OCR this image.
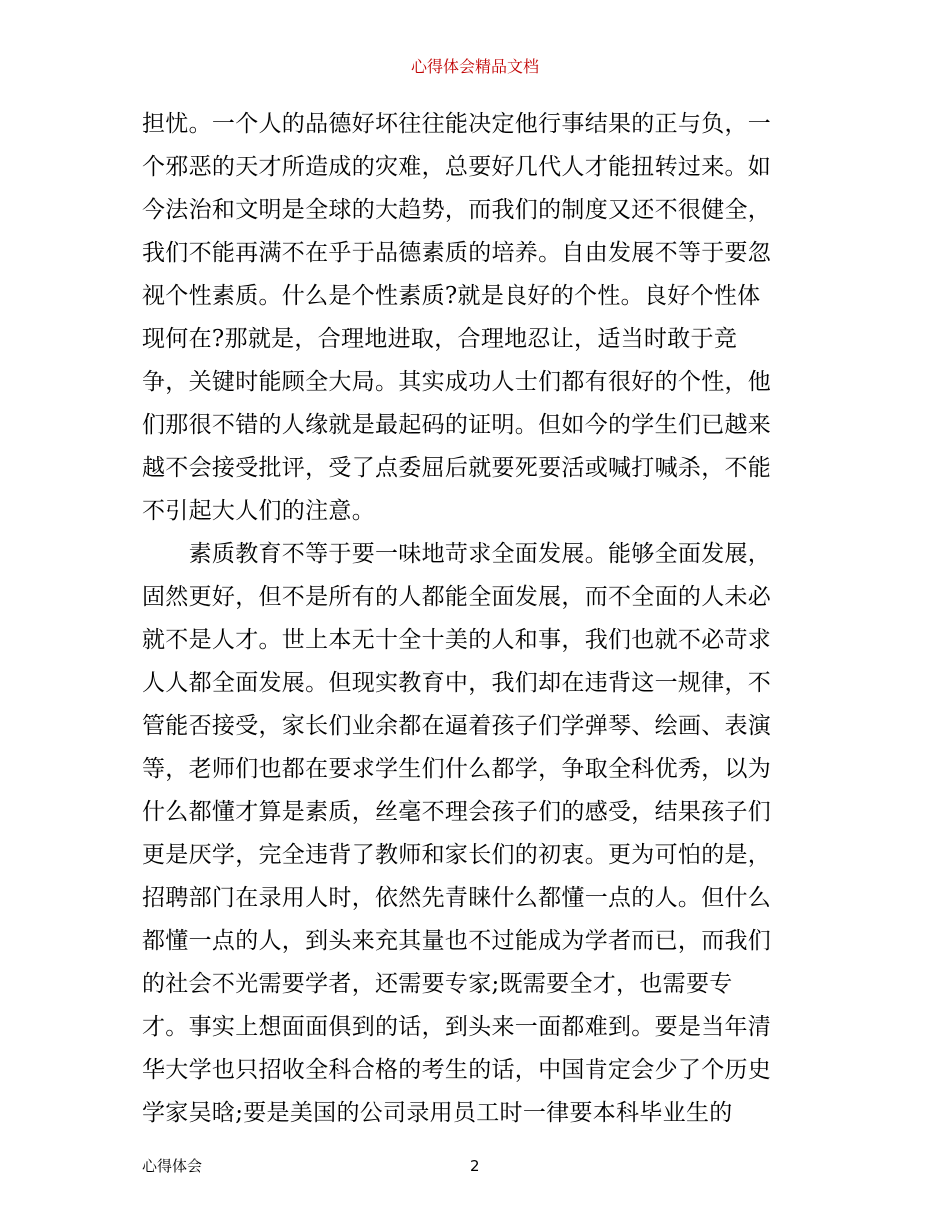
心得体会精品文档
担忧。一个人的品德好坏往往能决定他行事结果的正与负，一
个邪恶的天才所造成的灾难，总要好几代人才能扭转过来。如
今法治和文明是全球的大趋势，而我们的制度又还不很健全，
我们不能再满不在乎于品德素质的培养。自由发展不等于要忽
视个性素质。什么是个性素质?就是良好的个性。良好个性体
现何在?那就是，合理地进取，合理地忍让，适当时敢于竞
争，关键时能顾全大局。其实成功人士们都有很好的个性，他
们那很不错的人缘就是最起码的证明。但如今的学生们已越来
越不会接受批评，受了点委屈后就要死要活或喊打喊杀，不能
不引起大人们的注意。
　　素质教育不等于要一味地苛求全面发展。能够全面发展，
固然更好，但不是所有的人都能全面发展，而不全面的人未必
就不是人才。世上本无十全十美的人和事，我们也就不必苛求
人人都全面发展。但现实教育中，我们却在违背这一规律，不
管能否接受，家长们业余都在逼着孩子们学弹琴、绘画、表演
等，老师们也都在要求学生们什么都学，争取全科优秀，以为
什么都懂才算是素质，丝毫不理会孩子们的感受，结果孩子们
更是厌学，完全违背了教师和家长们的初衷。更为可怕的是，
招聘部门在录用人时，依然先青睐什么都懂一点的人。但什么
都懂一点的人，到头来充其量也不过能成为学者而已，而我们
的社会不光需要学者，还需要专家;既需要全才，也需要专
才。事实上想面面俱到的话，到头来一面都难到。要是当年清
华大学也只招收全科合格的考生的话，中国肯定会少了个历史
学家吴晗;要是美国的公司录用员工时一律要本科毕业生的
心得体会	2
